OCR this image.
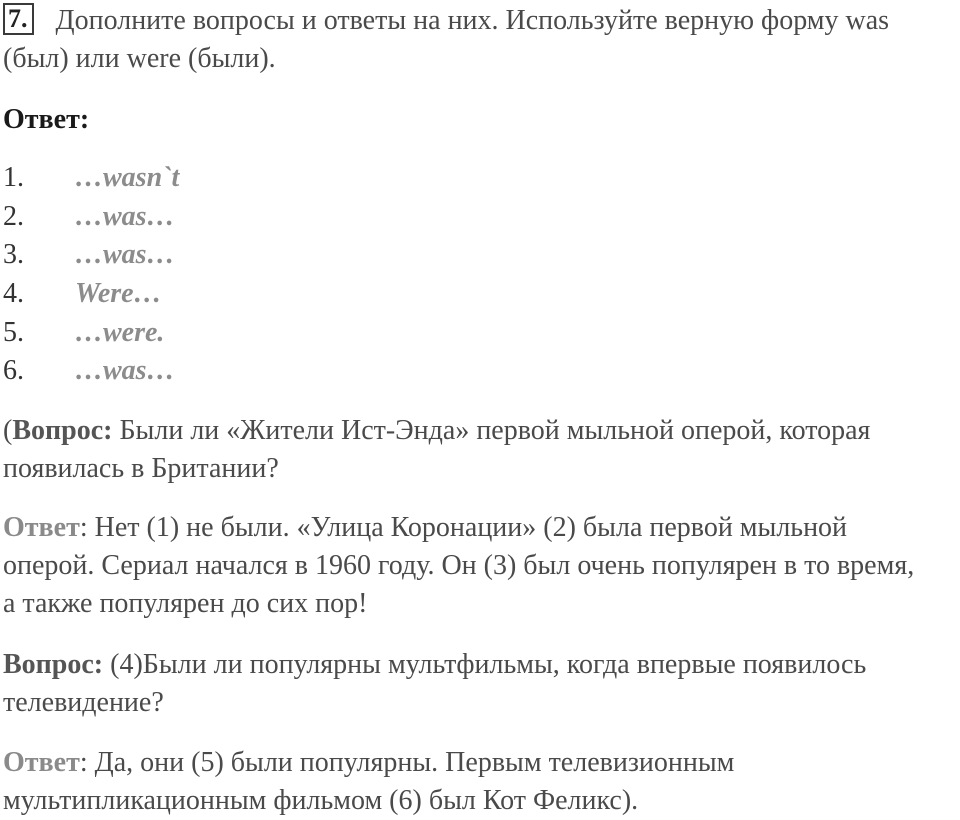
7. Дополните вопросы и ответы на них. Используйте верную форму was
(был) или were (были).
Ответ:
1. …wasn`t
2. …was…
3. …was…
4. Were…
5. …were.
6. …was…
(Вопрос: Были ли «Жители Ист-Энда» первой мыльной оперой, которая
появилась в Британии?
Ответ: Нет (1) не были. «Улица Коронации» (2) была первой мыльной
оперой. Сериал начался в 1960 году. Он (3) был очень популярен в то время,
а также популярен до сих пор!
Вопрос: (4)Были ли популярны мультфильмы, когда впервые появилось
телевидение?
Ответ: Да, они (5) были популярны. Первым телевизионным
мультипликационным фильмом (6) был Кот Феликс).
